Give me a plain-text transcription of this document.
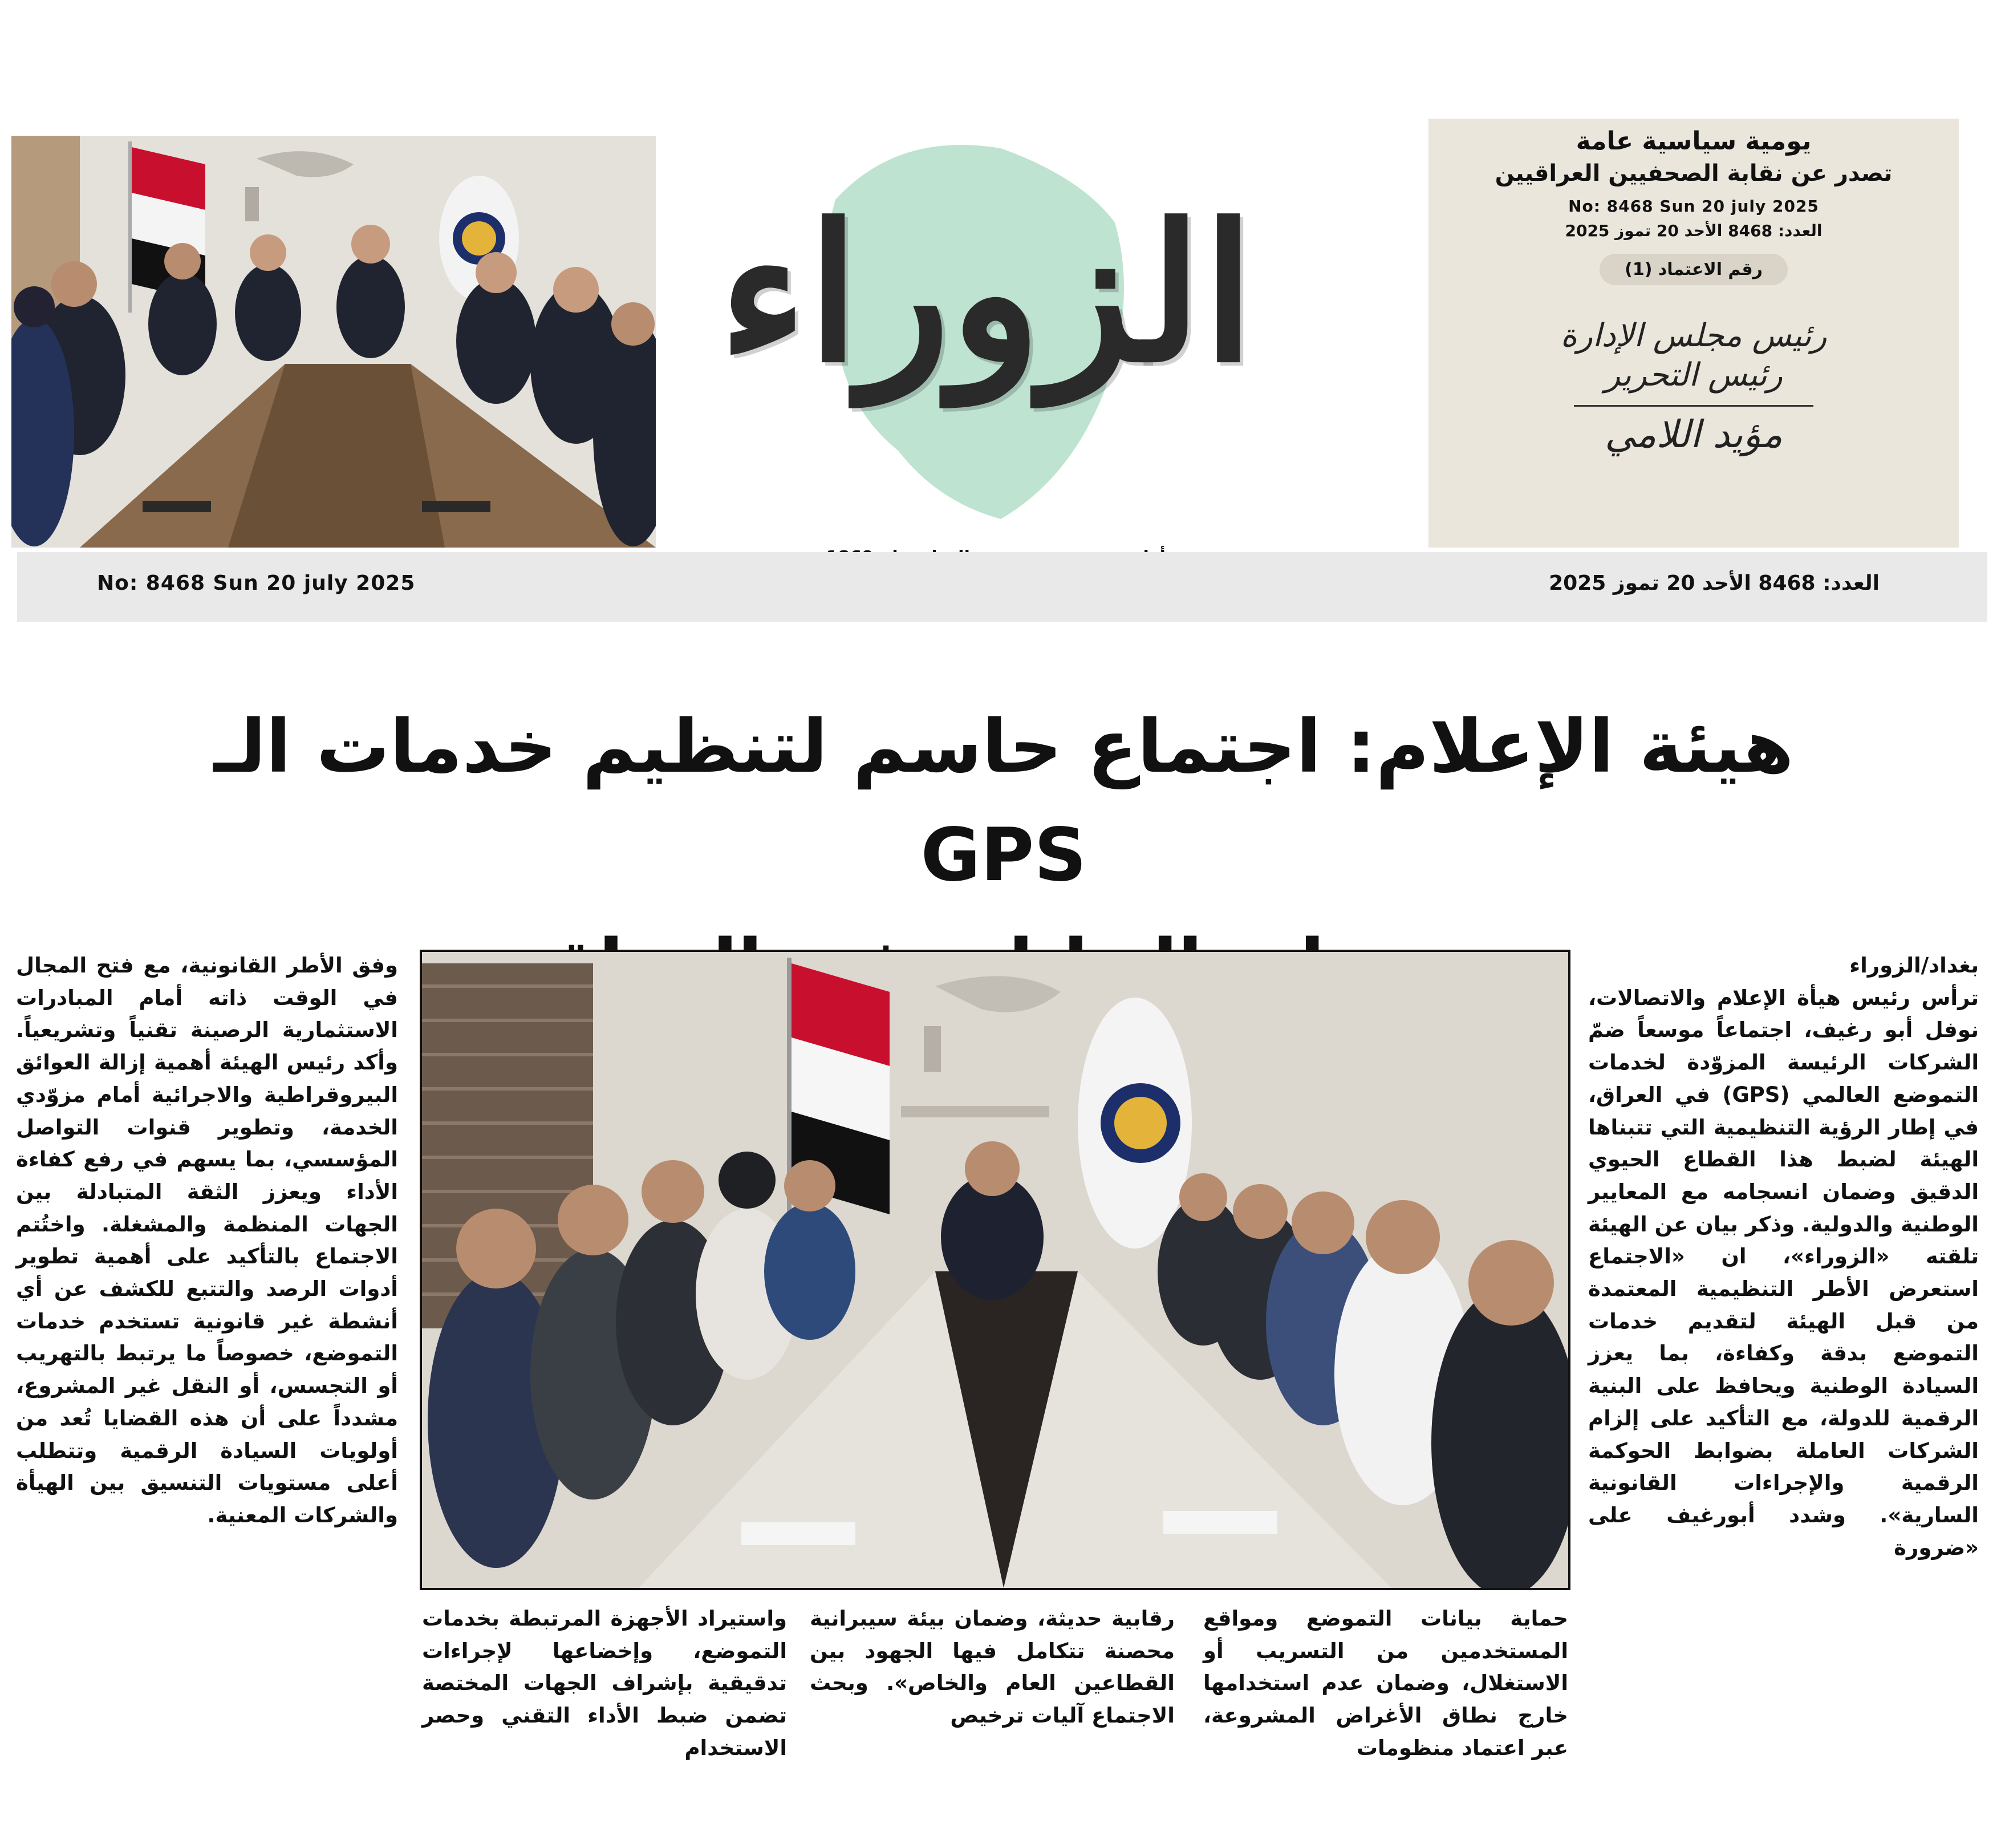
الزوراء
يومية سياسية عامة
تصدر عن نقابة الصحفيين العراقيين
No: 8468 Sun 20 july 2025
العدد: 8468 الأحد 20 تموز 2025
رقم الاعتماد (1)
رئيس مجلس الإدارة
رئيس التحرير
مؤيد اللامي
No: 8468 Sun 20 july 2025	العدد: 8468 الأحد 20 تموز 2025
هيئة الإعلام: اجتماع حاسم لتنظيم خدمات الـ GPS
بغداد/الزوراء
ترأس رئيس هيأة الإعلام والاتصالات، نوفل أبو رغيف، اجتماعاً موسعاً ضمّ الشركات الرئيسة المزوّدة لخدمات التموضع العالمي (GPS) في العراق، في إطار الرؤية التنظيمية التي تتبناها الهيئة لضبط هذا القطاع الحيوي الدقيق وضمان انسجامه مع المعايير الوطنية والدولية. وذكر بيان عن الهيئة تلقته «الزوراء»، ان «الاجتماع استعرض الأطر التنظيمية المعتمدة من قبل الهيئة لتقديم خدمات التموضع بدقة وكفاءة، بما يعزز السيادة الوطنية ويحافظ على البنية الرقمية للدولة، مع التأكيد على إلزام الشركات العاملة بضوابط الحوكمة الرقمية والإجراءات القانونية السارية». وشدد أبورغيف على «ضرورة
وفق الأطر القانونية، مع فتح المجال في الوقت ذاته أمام المبادرات الاستثمارية الرصينة تقنياً وتشريعياً. وأكد رئيس الهيئة أهمية إزالة العوائق البيروقراطية والاجرائية أمام مزوّدي الخدمة، وتطوير قنوات التواصل المؤسسي، بما يسهم في رفع كفاءة الأداء ويعزز الثقة المتبادلة بين الجهات المنظمة والمشغلة. واختُتم الاجتماع بالتأكيد على أهمية تطوير أدوات الرصد والتتبع للكشف عن أي أنشطة غير قانونية تستخدم خدمات التموضع، خصوصاً ما يرتبط بالتهريب أو التجسس، أو النقل غير المشروع، مشدداً على أن هذه القضايا تُعد من أولويات السيادة الرقمية وتتطلب أعلى مستويات التنسيق بين الهيأة والشركات المعنية.
حماية بيانات التموضع ومواقع المستخدمين من التسريب أو الاستغلال، وضمان عدم استخدامها خارج نطاق الأغراض المشروعة، عبر اعتماد منظومات
رقابية حديثة، وضمان بيئة سيبرانية محصنة تتكامل فيها الجهود بين القطاعين العام والخاص». وبحث الاجتماع آليات ترخيص
واستيراد الأجهزة المرتبطة بخدمات التموضع، وإخضاعها لإجراءات تدقيقية بإشراف الجهات المختصة تضمن ضبط الأداء التقني وحصر الاستخدام
